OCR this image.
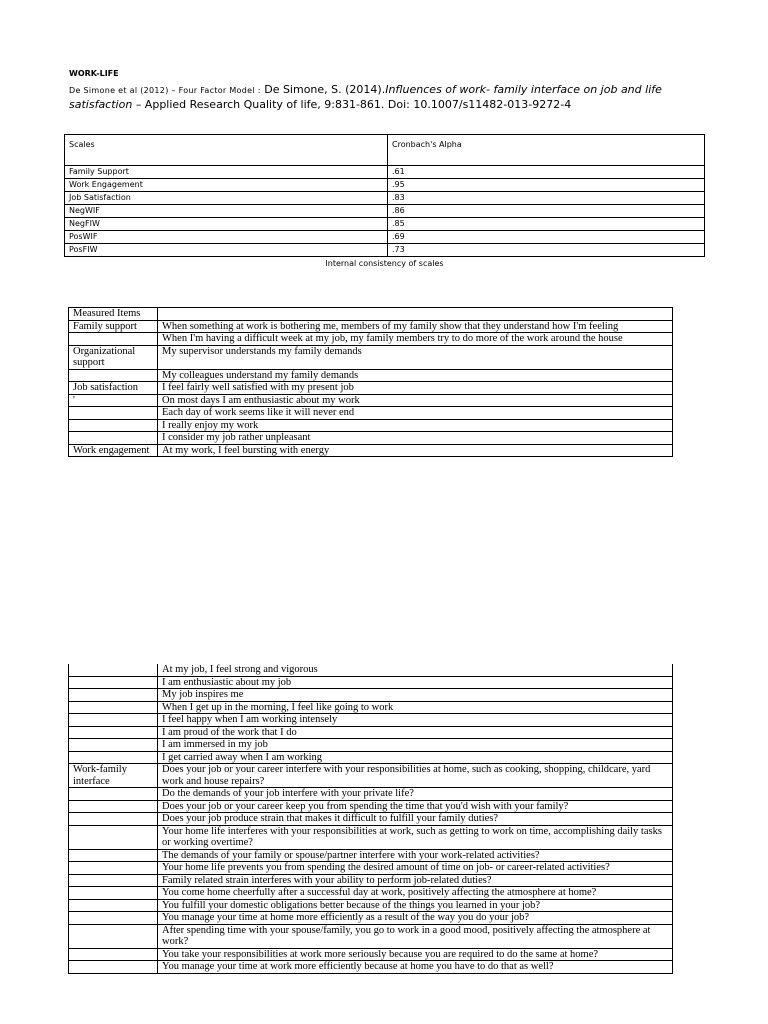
WORK-LIFE
De Simone et al (2012) – Four Factor Model : De Simone, S. (2014).Influences of work- family interface on job and life satisfaction – Applied Research Quality of life, 9:831-861. Doi: 10.1007/s11482-013-9272-4
Scales	Cronbach's Alpha
Family Support	.61
Work Engagement	.95
Job Satisfaction	.83
NegWIF	.86
NegFIW	.85
PosWIF	.69
PosFIW	.73
Internal consistency of scales
Measured Items	
Family support	When something at work is bothering me, members of my family show that they understand how I'm feeling
	When I'm having a difficult week at my job, my family members try to do more of the work around the house
Organizational support	My supervisor understands my family demands
	My colleagues understand my family demands
Job satisfaction	I feel fairly well satisfied with my present job
'	On most days I am enthusiastic about my work
	Each day of work seems like it will never end
	I really enjoy my work
	I consider my job rather unpleasant
Work engagement	At my work, I feel bursting with energy
	At my job, I feel strong and vigorous
	I am enthusiastic about my job
	My job inspires me
	When I get up in the morning, I feel like going to work
	I feel happy when I am working intensely
	I am proud of the work that I do
	I am immersed in my job
	I get carried away when I am working
Work-family interface	Does your job or your career interfere with your responsibilities at home, such as cooking, shopping, childcare, yard work and house repairs?
	Do the demands of your job interfere with your private life?
	Does your job or your career keep you from spending the time that you'd wish with your family?
	Does your job produce strain that makes it difficult to fulfill your family duties?
	Your home life interferes with your responsibilities at work, such as getting to work on time, accomplishing daily tasks or working overtime?
	The demands of your family or spouse/partner interfere with your work-related activities?
	Your home life prevents you from spending the desired amount of time on job- or career-related activities?
	Family related strain interferes with your ability to perform job-related duties?
	You come home cheerfully after a successful day at work, positively affecting the atmosphere at home?
	You fulfill your domestic obligations better because of the things you learned in your job?
	You manage your time at home more efficiently as a result of the way you do your job?
	After spending time with your spouse/family, you go to work in a good mood, positively affecting the atmosphere at work?
	You take your responsibilities at work more seriously because you are required to do the same at home?
	You manage your time at work more efficiently because at home you have to do that as well?
